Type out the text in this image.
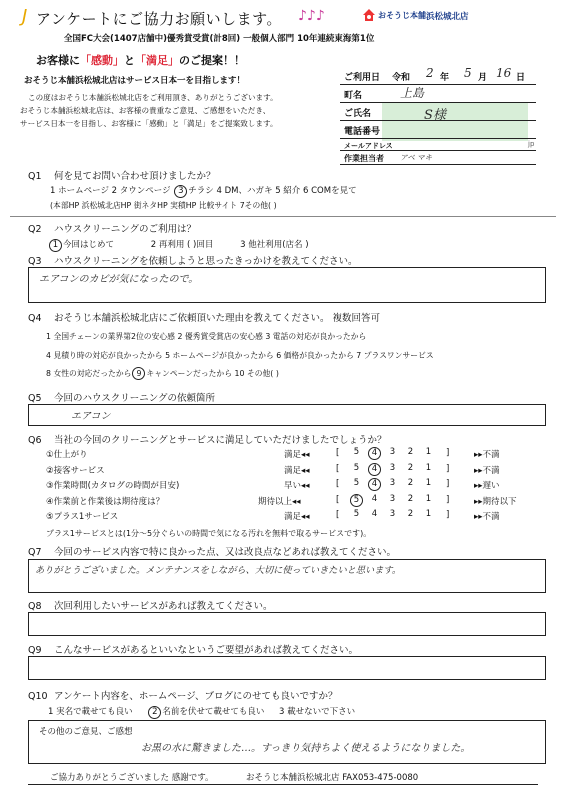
J アンケートにご協力お願いします。 ♪♪♪	おそうじ本舗 浜松城北店
全国FC大会(1407店舗中)優秀賞受賞(計8回) 一般個人部門 10年連続東海第1位
お客様に「感動」と「満足」のご提案！！
おそうじ本舗浜松城北店はサービス日本一を目指します！
この度はおそうじ本舗浜松城北店をご利用頂き、ありがとうございます。
おそうじ本舗浜松城北店は、お客様の貴重なご意見、ご感想をいただき、
サービス日本一を目指し、お客様に「感動」と「満足」をご提案致します。
ご利用日 令和 2 年 5 月 16 日
町名	上島
ご氏名	S様
電話番号
メールアドレス	jp
作業担当者 アベ マキ
Q1 何を見てお問い合わせ頂けましたか？
1 ホームページ 2 タウンページ 3 チラシ 4 DM、ハガキ 5 紹介 6 COMを見て
(本部HP 浜松城北店HP 街ネタHP 実積HP 比較サイト 7その他( )
Q2 ハウスクリーニングのご利用は？
1 今回はじめて	2 再利用 ( )回目	3 他社利用(店名 )
Q3 ハウスクリーニングを依頼しようと思ったきっかけを教えてください。
エアコンのカビが気になったので。
Q4 おそうじ本舗浜松城北店にご依頼頂いた理由を教えてください。 複数回答可
1 全国チェーンの業界第2位の安心感 2 優秀賞受賞店の安心感 3 電話の対応が良かったから
4 見積り時の対応が良かったから 5 ホームページが良かったから 6 価格が良かったから 7 プラスワンサービス
8 女性の対応だったから 9 キャンペーンだったから 10 その他( )
Q5 今回のハウスクリーニングの依頼箇所
エアコン
Q6 当社の今回のクリーニングとサービスに満足していただけましたでしょうか？
①仕上がり	満足◂◂	[	5	4	3	2	1	]	▸▸不満
②接客サービス	満足◂◂	[	5	4	3	2	1	]	▸▸不満
③作業時間(カタログの時間が目安)	早い◂◂	[	5	4	3	2	1	]	▸▸遅い
④作業前と作業後は期待度は？	期待以上◂◂	[	5	4	3	2	1	]	▸▸期待以下
⑤プラス1サービス	満足◂◂	[	5	4	3	2	1	]	▸▸不満
プラス1サービスとは(1分〜5分ぐらいの時間で気になる汚れを無料で取るサービスです)。
Q7 今回のサービス内容で特に良かった点、又は改良点などあれば教えてください。
ありがとうございました。メンテナンスをしながら、大切に使っていきたいと思います。
Q8 次回利用したいサービスがあれば教えてください。
Q9 こんなサービスがあるといいなというご要望があれば教えてください。
Q10 アンケート内容を、ホームページ、ブログにのせても良いですか？
1 実名で載せても良い 2 名前を伏せて載せても良い 3 載せないで下さい
その他のご意見、ご感想
お黒の水に驚きました…。すっきり気持ちよく使えるようになりました。
ご協力ありがとうございました 感謝です。	おそうじ本舗浜松城北店 FAX053-475-0080
